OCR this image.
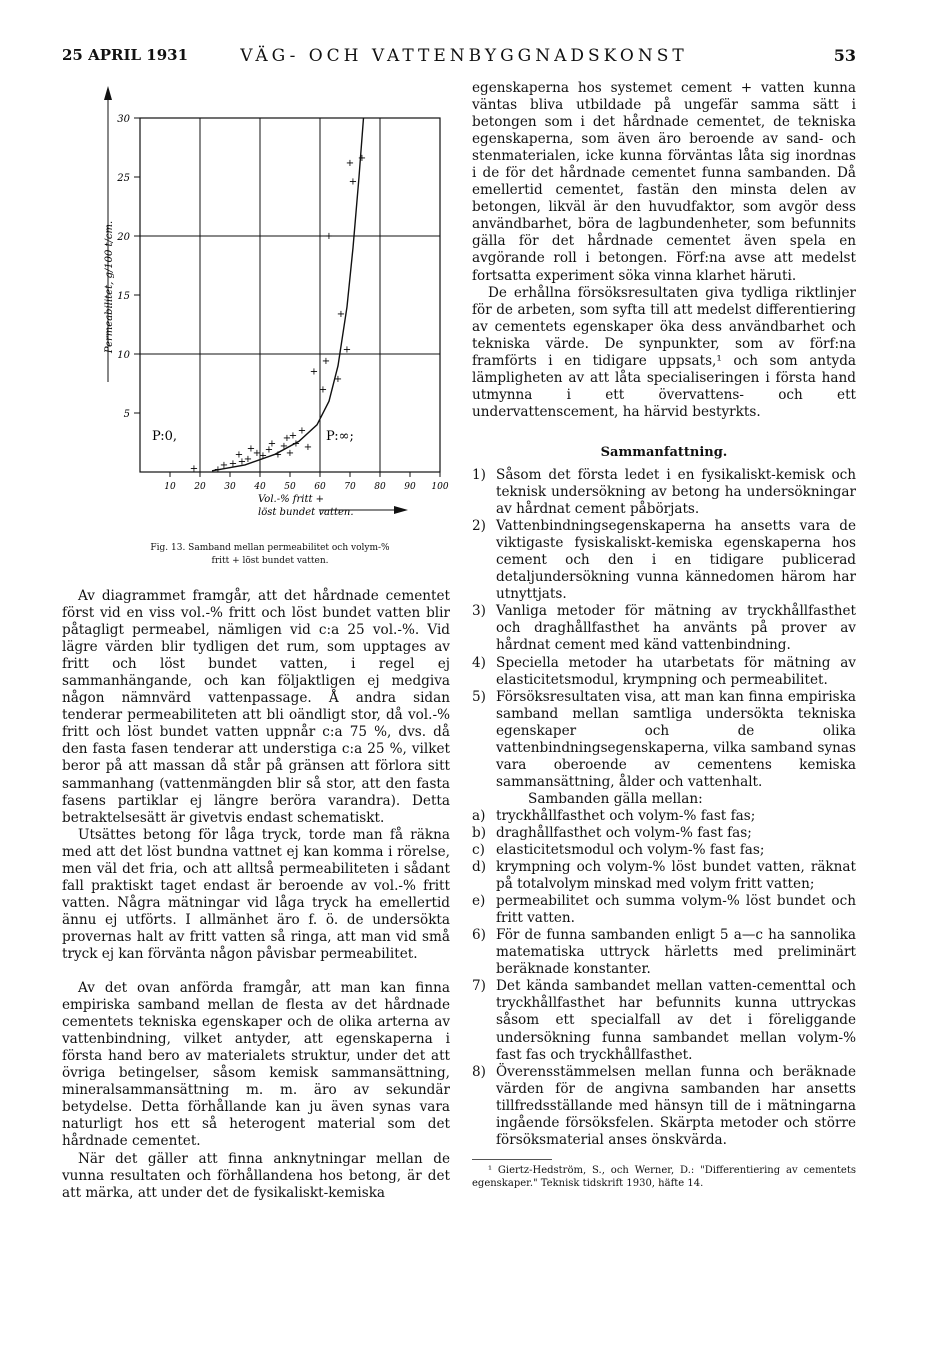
25 APRIL 1931	VÄG- OCH VATTENBYGGNADSKONST	53
5
10
15
20
25
30
10 20 30 40 50 60 70 80 90 100
+ +
+ +
+
+
+
+
+
+
+
+
+
+
+
+
+
+
+
+
+
+
+
+
+
+
+
+
+
+
Permeabilitet, g/100 t/cm.
Vol.-% fritt +
löst bundet vatten.
P:0,	P:∞;
Fig. 13. Samband mellan permeabilitet och volym-%
fritt + löst bundet vatten.

Av diagrammet framgår, att det hårdnade cementet först vid en viss vol.-% fritt och löst bundet vatten blir påtagligt permeabel, nämligen vid c:a 25 vol.-%. Vid lägre värden blir tydligen det rum, som upptages av fritt och löst bundet vatten, i regel ej sammanhängande, och kan följaktligen ej medgiva någon nämnvärd vattenpassage. Å andra sidan tenderar permeabiliteten att bli oändligt stor, då vol.-% fritt och löst bundet vatten uppnår c:a 75 %, dvs. då den fasta fasen tenderar att understiga c:a 25 %, vilket beror på att massan då står på gränsen att förlora sitt sammanhang (vattenmängden blir så stor, att den fasta fasens partiklar ej längre beröra varandra). Detta betraktelsesätt är givetvis endast schematiskt.

Utsättes betong för låga tryck, torde man få räkna med att det löst bundna vattnet ej kan komma i rörelse, men väl det fria, och att alltså permeabiliteten i sådant fall praktiskt taget endast är beroende av vol.-% fritt vatten. Några mätningar vid låga tryck ha emellertid ännu ej utförts. I allmänhet äro f. ö. de undersökta provernas halt av fritt vatten så ringa, att man vid små tryck ej kan förvänta någon påvisbar permeabilitet.

Av det ovan anförda framgår, att man kan finna empiriska samband mellan de flesta av det hårdnade cementets tekniska egenskaper och de olika arterna av vattenbindning, vilket antyder, att egenskaperna i första hand bero av materialets struktur, under det att övriga betingelser, såsom kemisk sammansättning, mineralsammansättning m. m. äro av sekundär betydelse. Detta förhållande kan ju även synas vara naturligt hos ett så heterogent material som det hårdnade cementet.

När det gäller att finna anknytningar mellan de vunna resultaten och förhållandena hos betong, är det att märka, att under det de fysikaliskt-kemiska

egenskaperna hos systemet cement + vatten kunna väntas bliva utbildade på ungefär samma sätt i betongen som i det hårdnade cementet, de tekniska egenskaperna, som även äro beroende av sand- och stenmaterialen, icke kunna förväntas låta sig inordnas i de för det hårdnade cementet funna sambanden. Då emellertid cementet, fastän den minsta delen av betongen, likväl är den huvudfaktor, som avgör dess användbarhet, böra de lagbundenheter, som befunnits gälla för det hårdnade cementet även spela en avgörande roll i betongen. Förf:na avse att medelst fortsatta experiment söka vinna klarhet häruti.

De erhållna försöksresultaten giva tydliga riktlinjer för de arbeten, som syfta till att medelst differentiering av cementets egenskaper öka dess användbarhet och tekniska värde. De synpunkter, som av förf:na framförts i en tidigare uppsats,¹ och som antyda lämpligheten av att låta specialiseringen i första hand utmynna i ett övervattens- och ett undervattenscement, ha härvid bestyrkts.

Sammanfattning.
1) Såsom det första ledet i en fysikaliskt-kemisk och teknisk undersökning av betong ha undersökningar av hårdnat cement påbörjats.
2) Vattenbindningsegenskaperna ha ansetts vara de viktigaste fysiskaliskt-kemiska egenskaperna hos cement och den i en tidigare publicerad detaljundersökning vunna kännedomen härom har utnyttjats.
3) Vanliga metoder för mätning av tryckhållfasthet och draghållfasthet ha använts på prover av hårdnat cement med känd vattenbindning.
4) Speciella metoder ha utarbetats för mätning av elasticitetsmodul, krympning och permeabilitet.
5) Försöksresultaten visa, att man kan finna empiriska samband mellan samtliga undersökta tekniska egenskaper och de olika vattenbindningsegenskaperna, vilka samband synas vara oberoende av cementens kemiska sammansättning, ålder och vattenhalt.

Sambanden gälla mellan:

a) tryckhållfasthet och volym-% fast fas;
b) draghållfasthet och volym-% fast fas;
c) elasticitetsmodul och volym-% fast fas;
d) krympning och volym-% löst bundet vatten, räknat på totalvolym minskad med volym fritt vatten;
e) permeabilitet och summa volym-% löst bundet och fritt vatten.
6) För de funna sambanden enligt 5 a—c ha sannolika matematiska uttryck härletts med preliminärt beräknade konstanter.
7) Det kända sambandet mellan vatten-cementtal och tryckhållfasthet har befunnits kunna uttryckas såsom ett specialfall av det i föreliggande undersökning funna sambandet mellan volym-% fast fas och tryckhållfasthet.
8) Överensstämmelsen mellan funna och beräknade värden för de angivna sambanden har ansetts tillfredsställande med hänsyn till de i mätningarna ingående försöksfelen. Skärpta metoder och större försöksmaterial anses önskvärda.

¹ Giertz-Hedström, S., och Werner, D.: "Differentiering av cementets egenskaper." Teknisk tidskrift 1930, häfte 14.
